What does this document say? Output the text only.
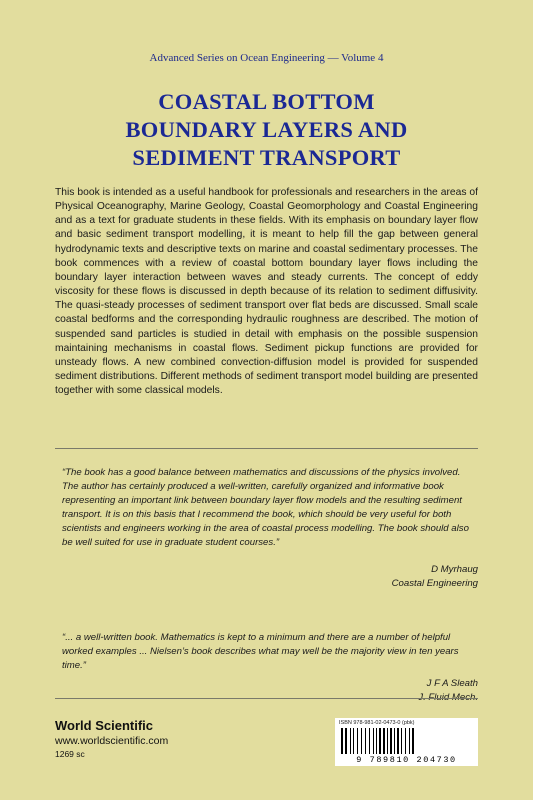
Advanced Series on Ocean Engineering — Volume 4
COASTAL BOTTOM
BOUNDARY LAYERS AND
SEDIMENT TRANSPORT
This book is intended as a useful handbook for professionals and researchers in the areas of Physical Oceanography, Marine Geology, Coastal Geomorphology and Coastal Engineering and as a text for graduate students in these fields. With its emphasis on boundary layer flow and basic sediment transport modelling, it is meant to help fill the gap between general hydrodynamic texts and descriptive texts on marine and coastal sedimentary processes. The book commences with a review of coastal bottom boundary layer flows including the boundary layer interaction between waves and steady currents. The concept of eddy viscosity for these flows is discussed in depth because of its relation to sediment diffusivity. The quasi-steady processes of sediment transport over flat beds are discussed. Small scale coastal bedforms and the corresponding hydraulic roughness are described. The motion of suspended sand particles is studied in detail with emphasis on the possible suspension maintaining mechanisms in coastal flows. Sediment pickup functions are provided for unsteady flows. A new combined convection-diffusion model is provided for suspended sediment distributions. Different methods of sediment transport model building are presented together with some classical models.
“The book has a good balance between mathematics and discussions of the physics involved. The author has certainly produced a well-written, carefully organized and informative book representing an important link between boundary layer flow models and the resulting sediment transport. It is on this basis that I recommend the book, which should be very useful for both scientists and engineers working in the area of coastal process modelling. The book should also be well suited for use in graduate student courses.”
D Myrhaug
Coastal Engineering
“... a well-written book. Mathematics is kept to a minimum and there are a number of helpful worked examples ... Nielsen’s book describes what may well be the majority view in ten years time.”
J F A Sleath
World Scientific
www.worldscientific.com
1269 sc
ISBN 978-981-02-0473-0 (pbk)
9 789810 204730
